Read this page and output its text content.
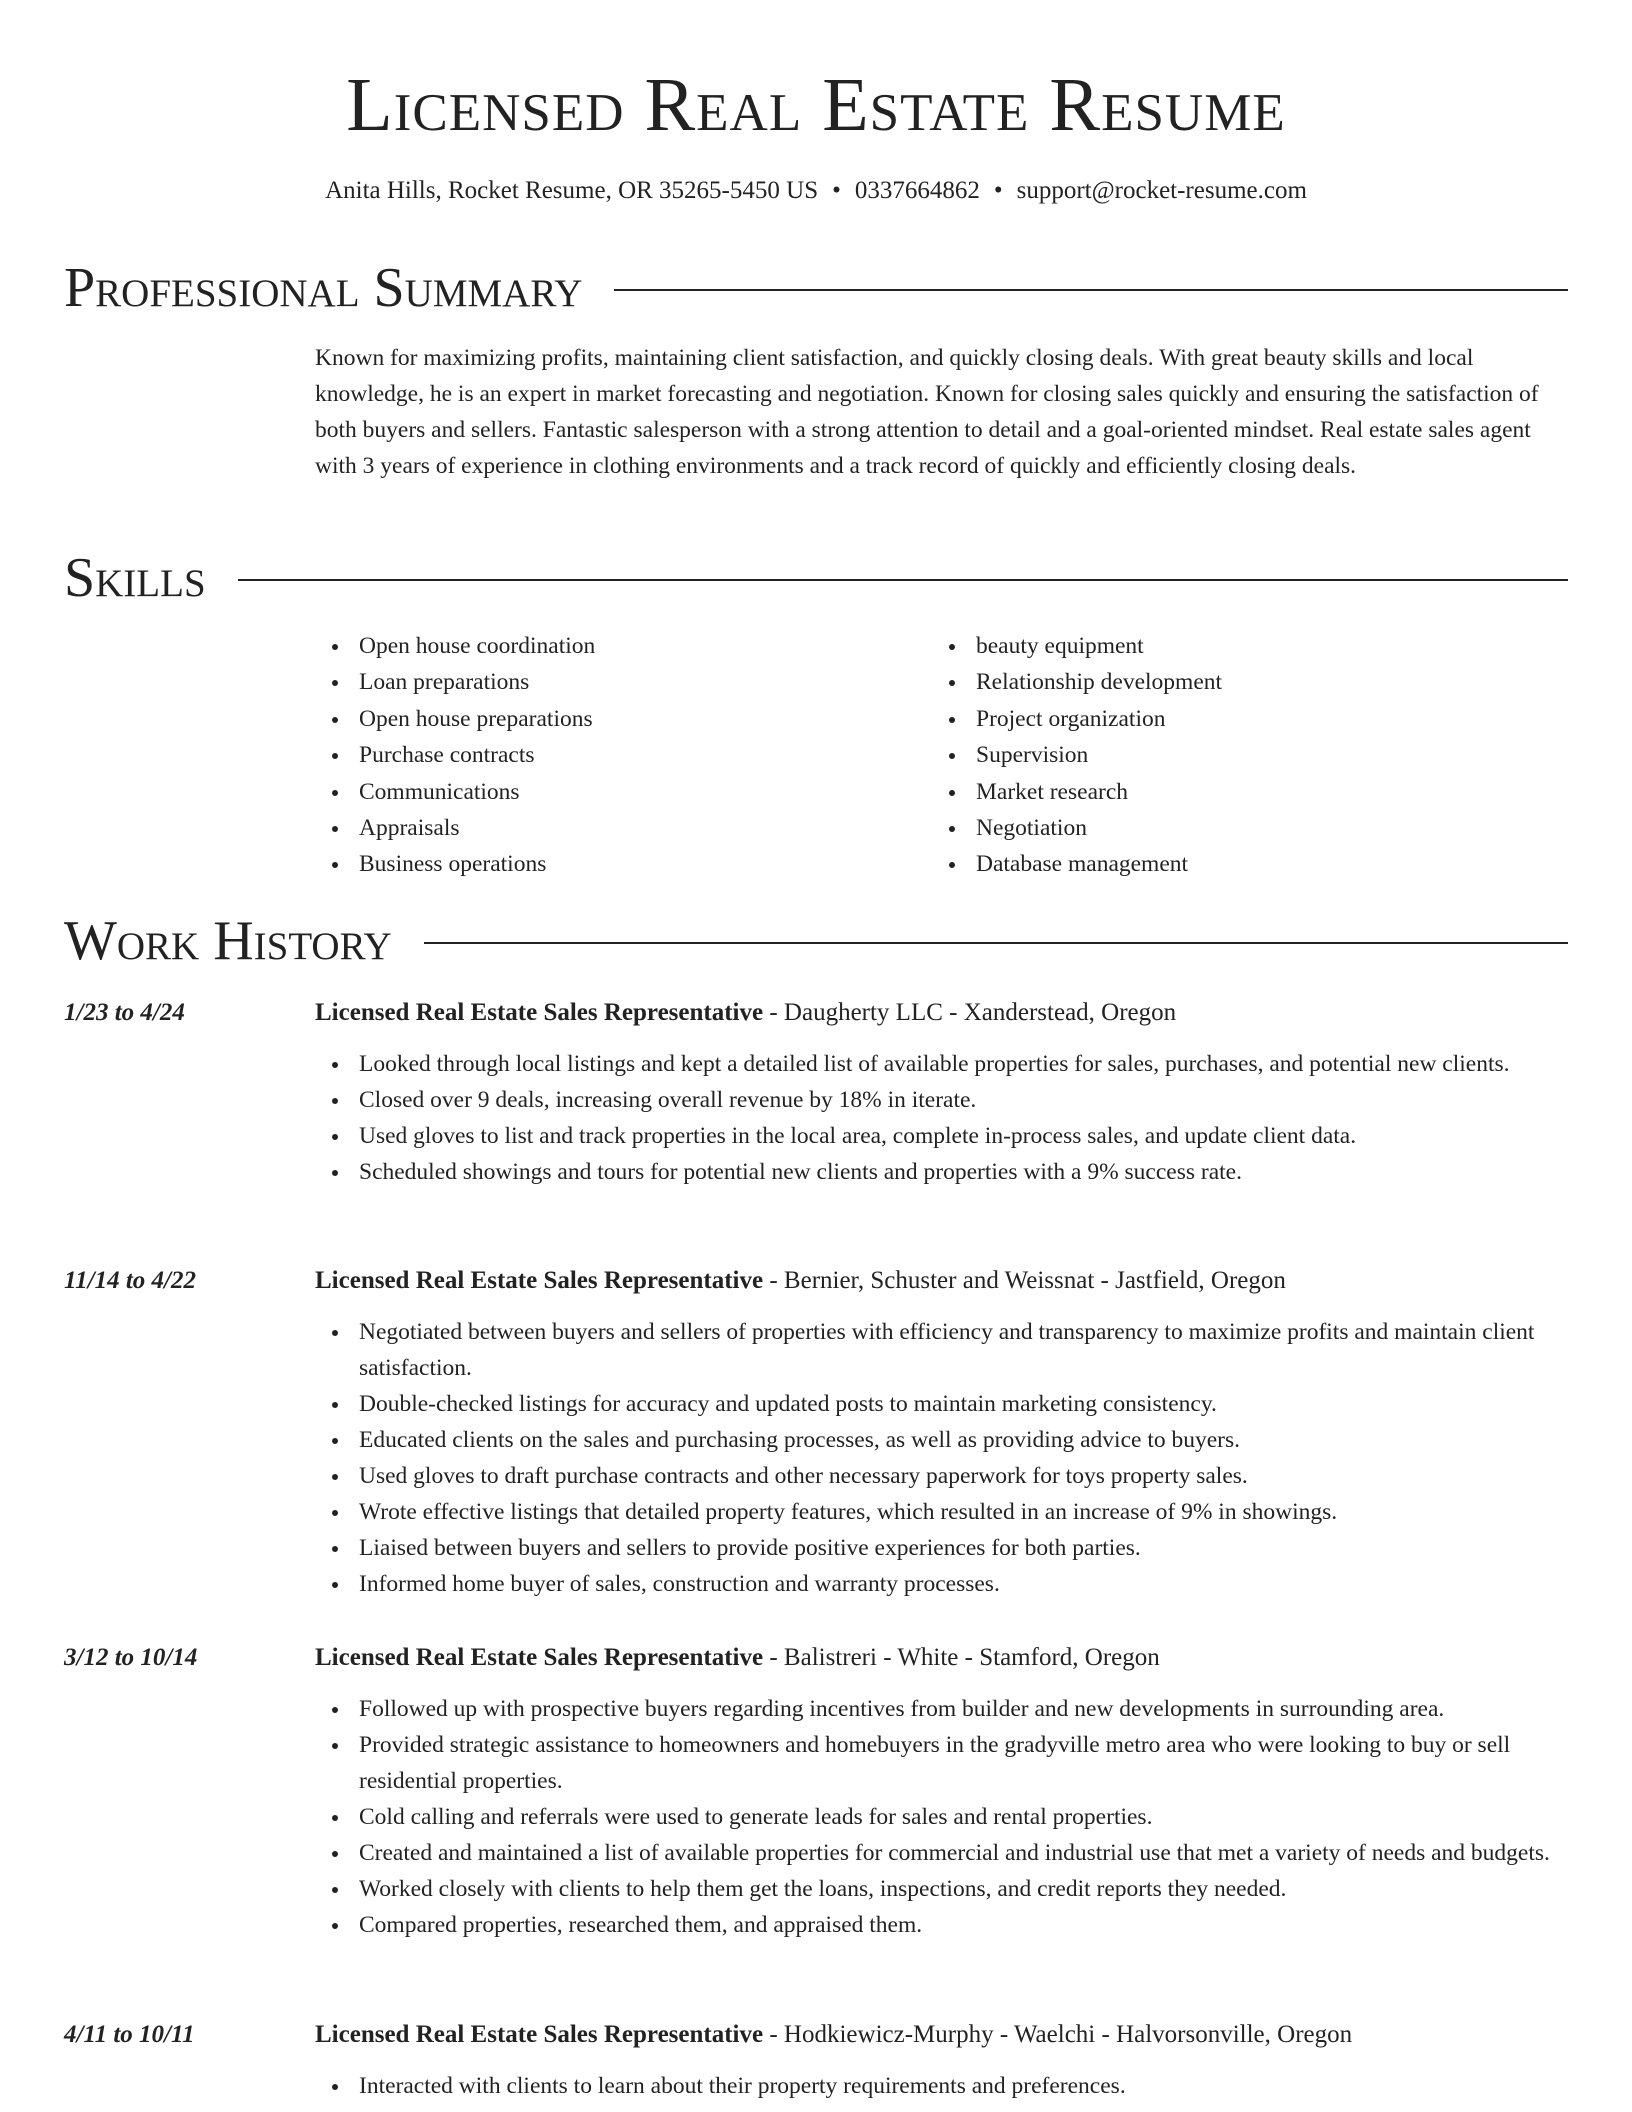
Licensed Real Estate Resume
Anita Hills, Rocket Resume, OR 35265-5450 US • 0337664862 • support@rocket-resume.com
Professional Summary
Known for maximizing profits, maintaining client satisfaction, and quickly closing deals. With great beauty skills and local knowledge, he is an expert in market forecasting and negotiation. Known for closing sales quickly and ensuring the satisfaction of both buyers and sellers. Fantastic salesperson with a strong attention to detail and a goal-oriented mindset. Real estate sales agent with 3 years of experience in clothing environments and a track record of quickly and efficiently closing deals.
Skills
Open house coordination
Loan preparations
Open house preparations
Purchase contracts
Communications
Appraisals
Business operations
beauty equipment
Relationship development
Project organization
Supervision
Market research
Negotiation
Database management
Work History
1/23 to 4/24	Licensed Real Estate Sales Representative - Daugherty LLC - Xanderstead, Oregon
Looked through local listings and kept a detailed list of available properties for sales, purchases, and potential new clients.
Closed over 9 deals, increasing overall revenue by 18% in iterate.
Used gloves to list and track properties in the local area, complete in-process sales, and update client data.
Scheduled showings and tours for potential new clients and properties with a 9% success rate.
11/14 to 4/22	Licensed Real Estate Sales Representative - Bernier, Schuster and Weissnat - Jastfield, Oregon
Negotiated between buyers and sellers of properties with efficiency and transparency to maximize profits and maintain client satisfaction.
Double-checked listings for accuracy and updated posts to maintain marketing consistency.
Educated clients on the sales and purchasing processes, as well as providing advice to buyers.
Used gloves to draft purchase contracts and other necessary paperwork for toys property sales.
Wrote effective listings that detailed property features, which resulted in an increase of 9% in showings.
Liaised between buyers and sellers to provide positive experiences for both parties.
Informed home buyer of sales, construction and warranty processes.
3/12 to 10/14	Licensed Real Estate Sales Representative - Balistreri - White - Stamford, Oregon
Followed up with prospective buyers regarding incentives from builder and new developments in surrounding area.
Provided strategic assistance to homeowners and homebuyers in the gradyville metro area who were looking to buy or sell residential properties.
Cold calling and referrals were used to generate leads for sales and rental properties.
Created and maintained a list of available properties for commercial and industrial use that met a variety of needs and budgets.
Worked closely with clients to help them get the loans, inspections, and credit reports they needed.
Compared properties, researched them, and appraised them.
4/11 to 10/11	Licensed Real Estate Sales Representative - Hodkiewicz-Murphy - Waelchi - Halvorsonville, Oregon
Interacted with clients to learn about their property requirements and preferences.
